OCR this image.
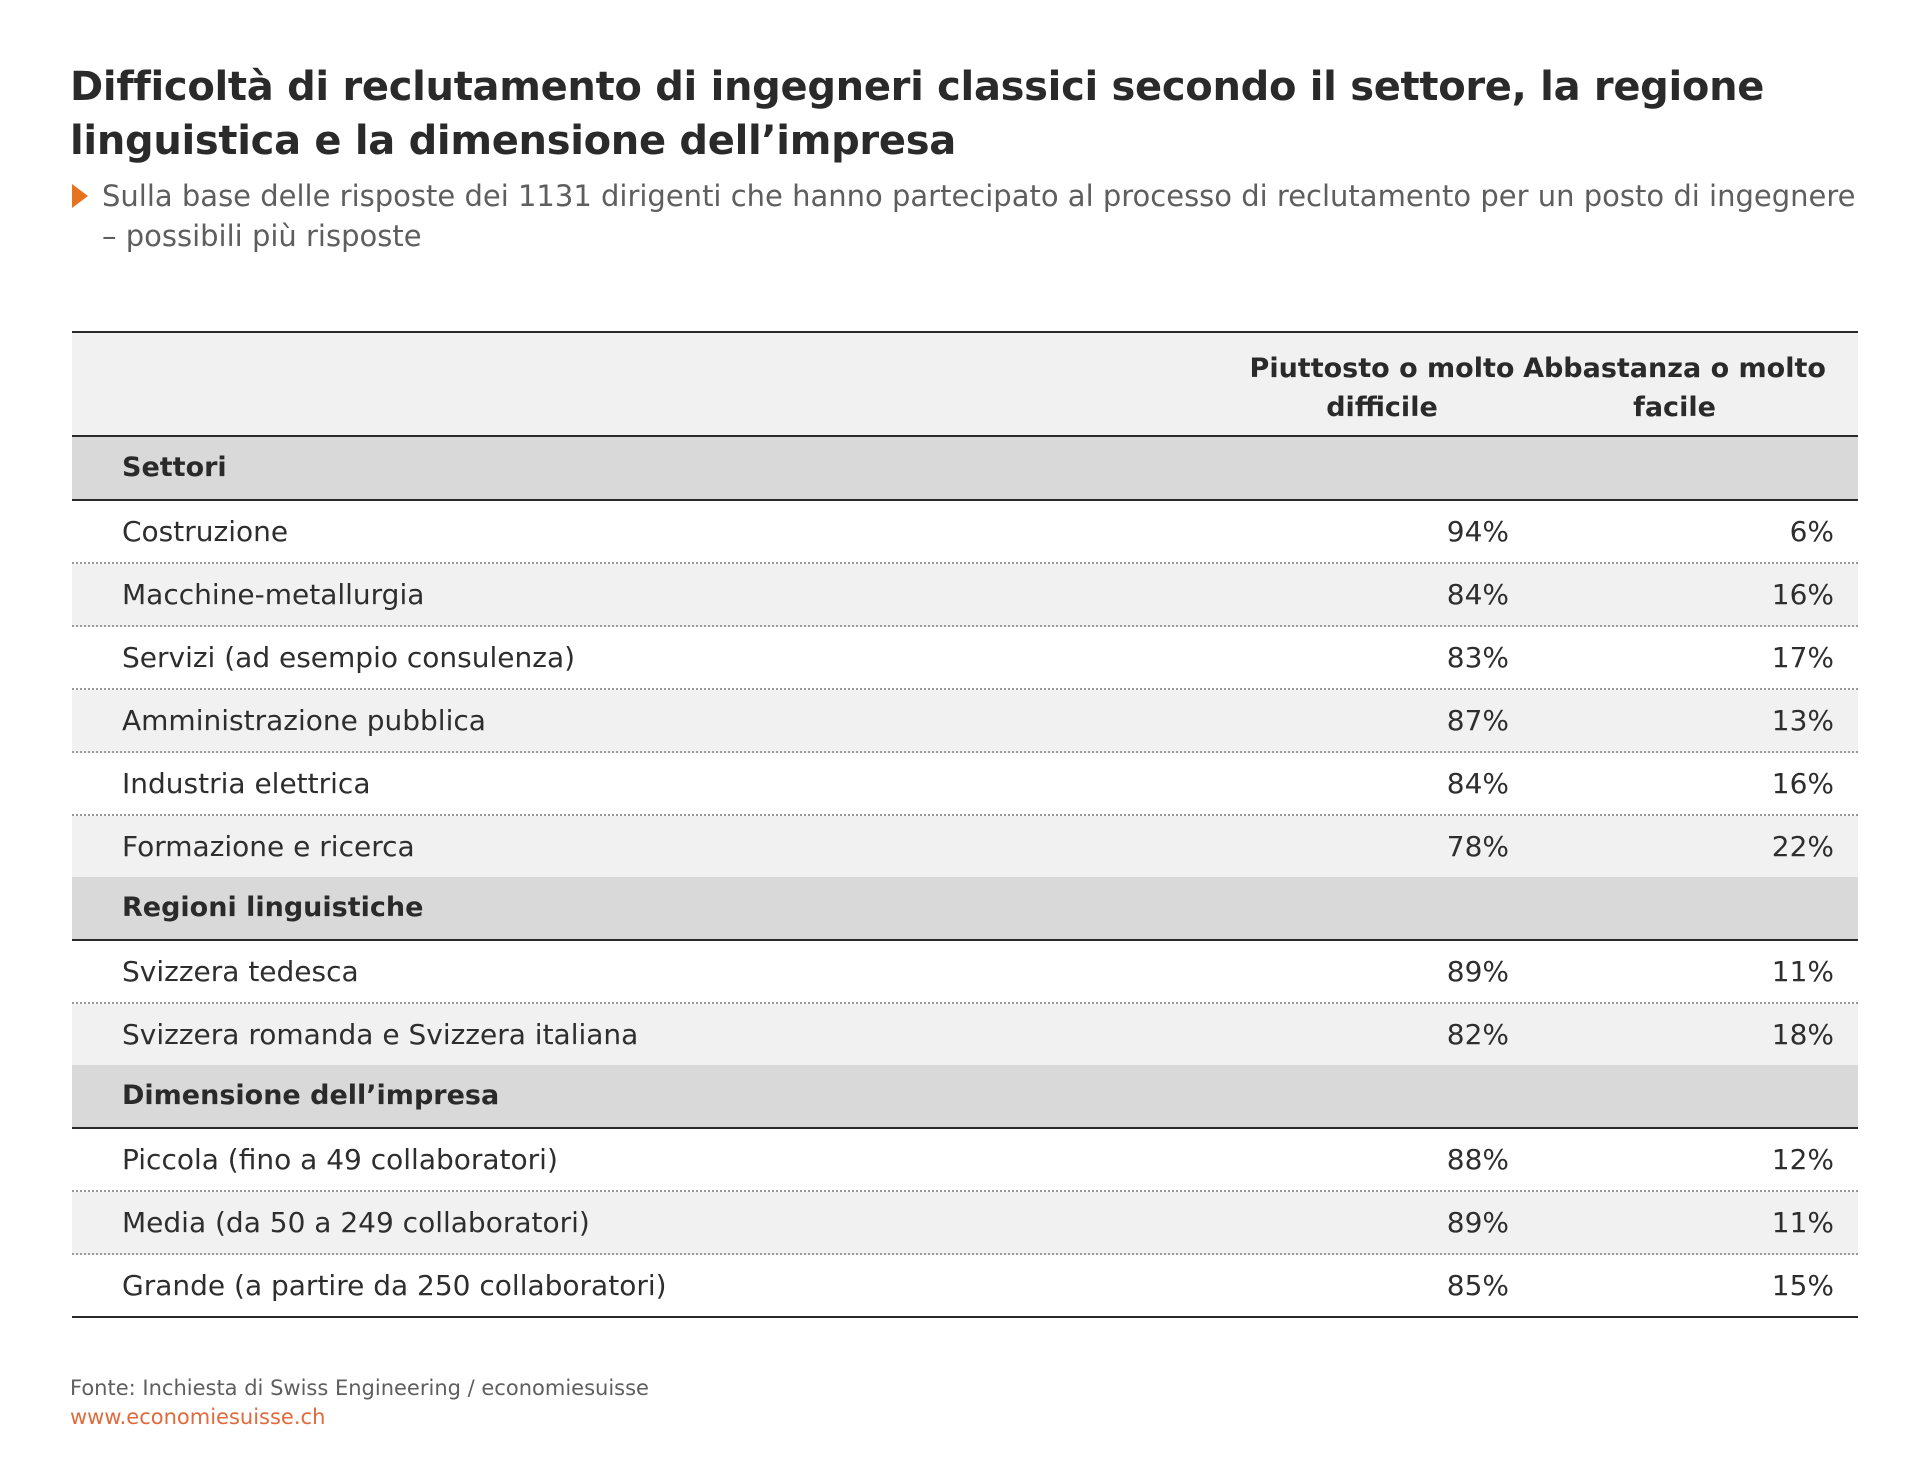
Difficoltà di reclutamento di ingegneri classici secondo il settore, la regione linguistica e la dimensione dell’impresa
Sulla base delle risposte dei 1131 dirigenti che hanno partecipato al processo di reclutamento per un posto di ingegnere – possibili più risposte
Piuttosto o molto difficile
Abbastanza o molto facile
Settori
Costruzione	94%	6%
Macchine-metallurgia	84%	16%
Servizi (ad esempio consulenza)	83%	17%
Amministrazione pubblica	87%	13%
Industria elettrica	84%	16%
Formazione e ricerca	78%	22%
Regioni linguistiche
Svizzera tedesca	89%	11%
Svizzera romanda e Svizzera italiana	82%	18%
Dimensione dell’impresa
Piccola (fino a 49 collaboratori)	88%	12%
Media (da 50 a 249 collaboratori)	89%	11%
Grande (a partire da 250 collaboratori)	85%	15%
Fonte: Inchiesta di Swiss Engineering / economiesuisse
www.economiesuisse.ch
